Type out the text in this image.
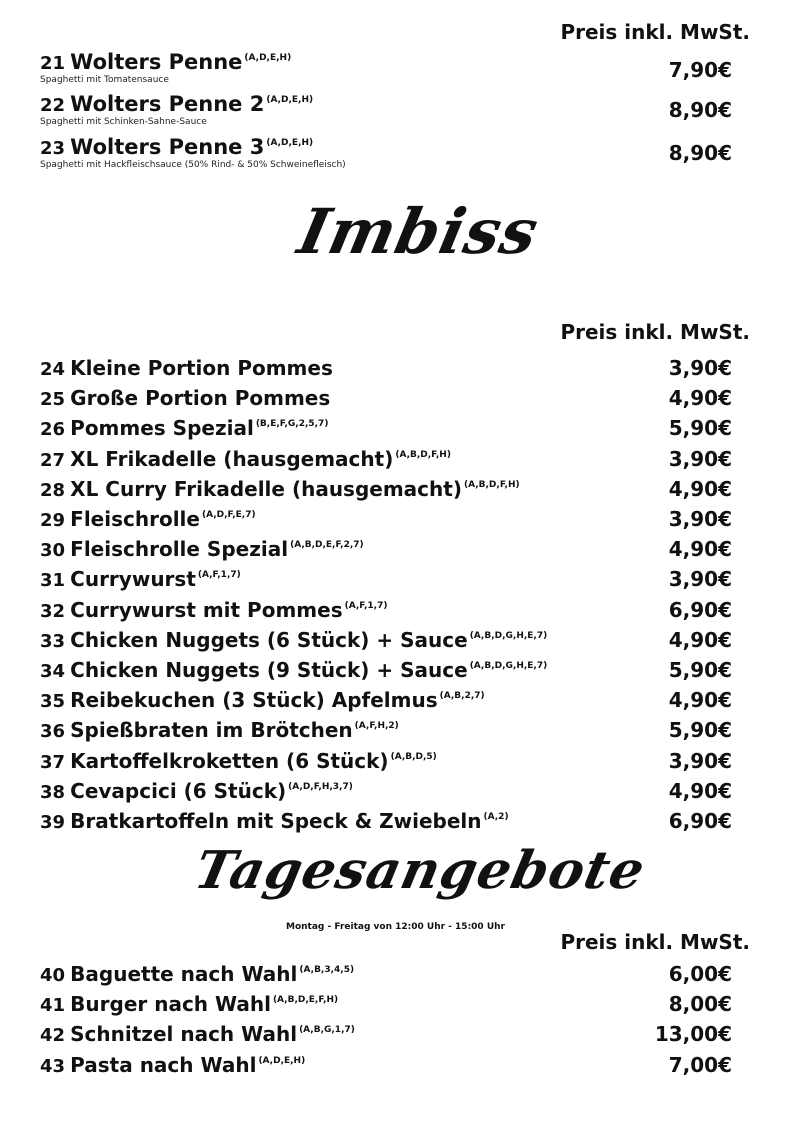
Preis inkl. MwSt.
21 Wolters Penne $^{(A,D,E,H)}$	7,90€
Spaghetti mit Tomatensauce
22 Wolters Penne 2 $^{(A,D,E,H)}$	8,90€
Spaghetti mit Schinken-Sahne-Sauce
23 Wolters Penne 3 $^{(A,D,E,H)}$	8,90€
Spaghetti mit Hackfleischsauce (50% Rind- & 50% Schweinefleisch)
Imbiss
Preis inkl. MwSt.
24 Kleine Portion Pommes	3,90€
25 Große Portion Pommes	4,90€
26 Pommes Spezial $^{(B,E,F,G,2,5,7)}$	5,90€
27 XL Frikadelle (hausgemacht) $^{(A,B,D,F,H)}$	3,90€
28 XL Curry Frikadelle (hausgemacht) $^{(A,B,D,F,H)}$	4,90€
29 Fleischrolle $^{(A,D,F,E,7)}$	3,90€
30 Fleischrolle Spezial $^{(A,B,D,E,F,2,7)}$	4,90€
31 Currywurst $^{(A,F,1,7)}$	3,90€
32 Currywurst mit Pommes $^{(A,F,1,7)}$	6,90€
33 Chicken Nuggets (6 Stück) + Sauce $^{(A,B,D,G,H,E,7)}$	4,90€
34 Chicken Nuggets (9 Stück) + Sauce $^{(A,B,D,G,H,E,7)}$	5,90€
35 Reibekuchen (3 Stück) Apfelmus $^{(A,B,2,7)}$	4,90€
36 Spießbraten im Brötchen $^{(A,F,H,2)}$	5,90€
37 Kartoffelkroketten (6 Stück) $^{(A,B,D,5)}$	3,90€
38 Cevapcici (6 Stück) $^{(A,D,F,H,3,7)}$	4,90€
39 Bratkartoffeln mit Speck & Zwiebeln $^{(A,2)}$	6,90€
Tagesangebote
Montag - Freitag von 12:00 Uhr - 15:00 Uhr
Preis inkl. MwSt.
40 Baguette nach Wahl $^{(A,B,3,4,5)}$	6,00€
41 Burger nach Wahl $^{(A,B,D,E,F,H)}$	8,00€
42 Schnitzel nach Wahl $^{(A,B,G,1,7)}$	13,00€
43 Pasta nach Wahl $^{(A,D,E,H)}$	7,00€
